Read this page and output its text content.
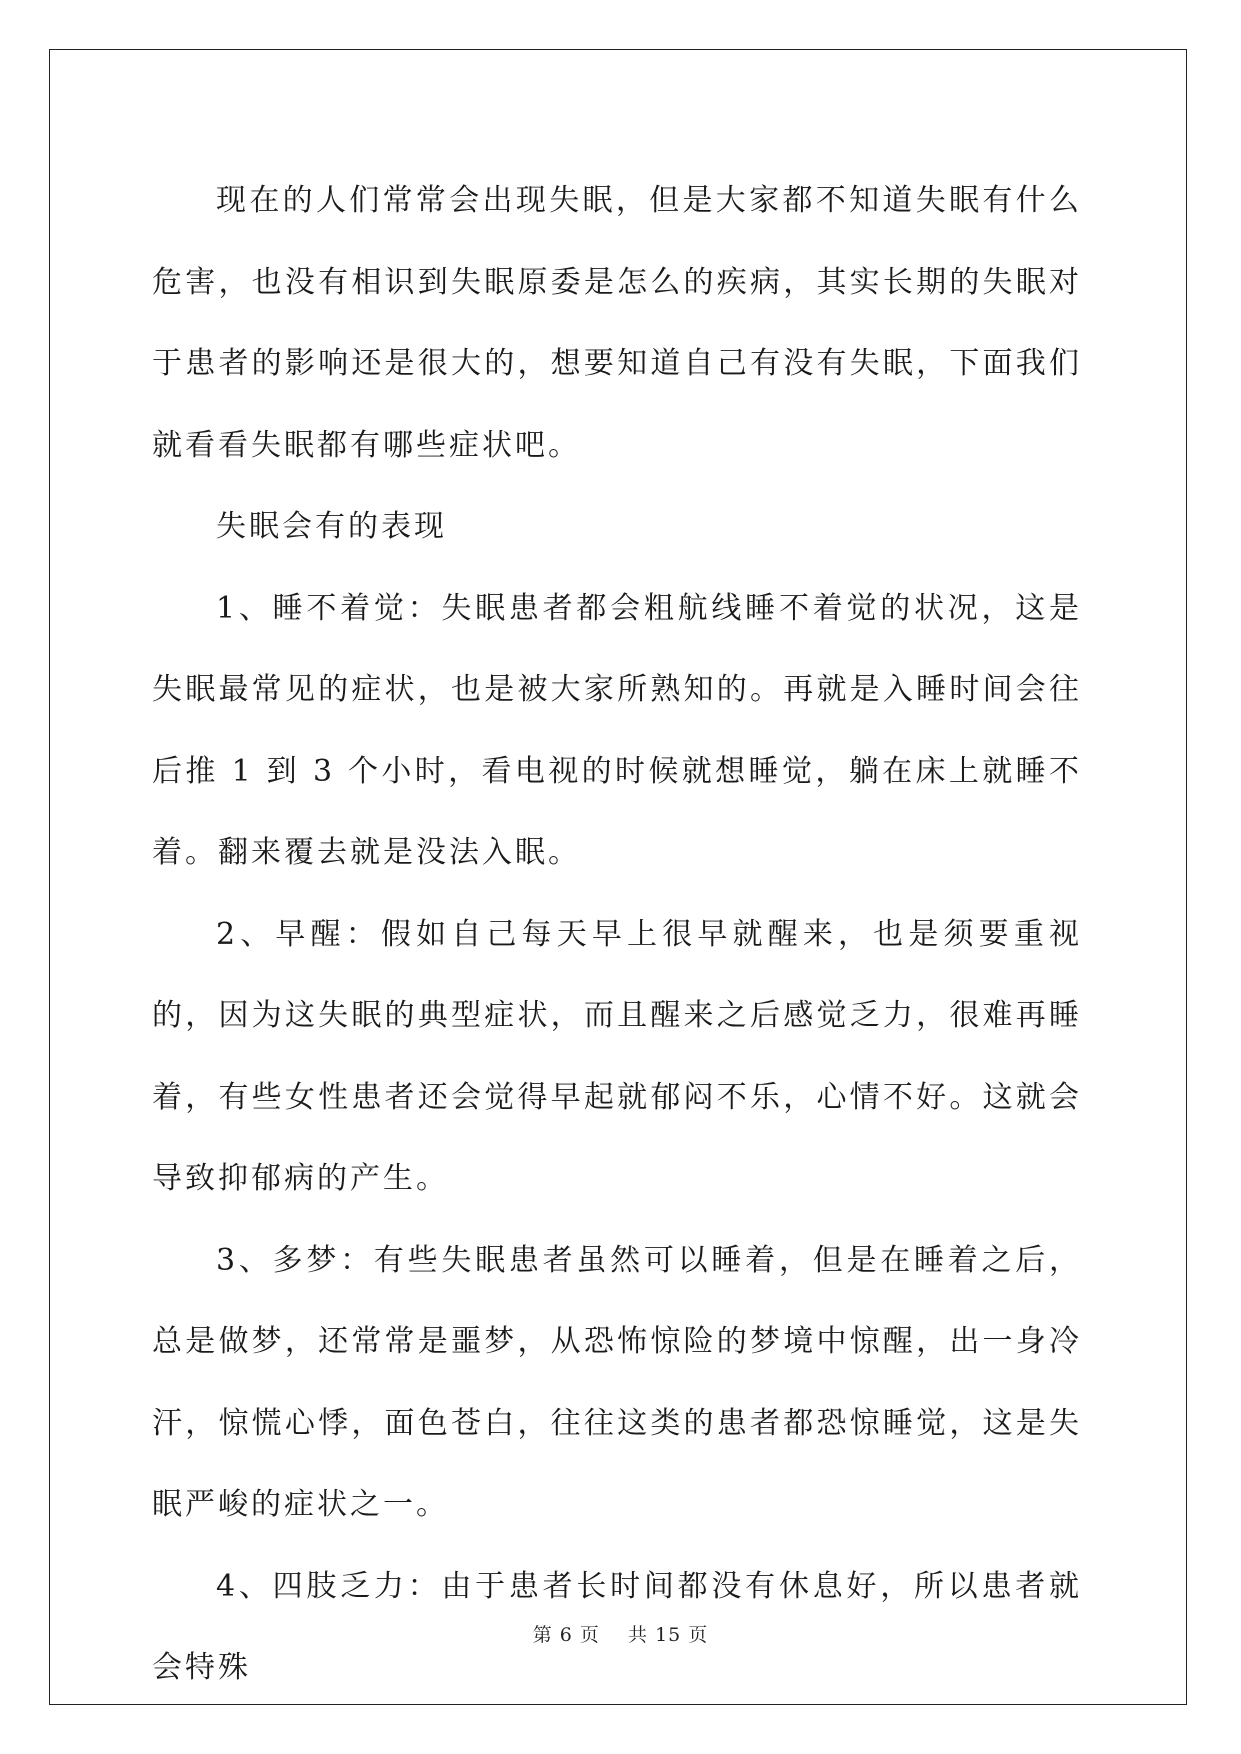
现在的人们常常会出现失眠，但是大家都不知道失眠有什么危害，也没有相识到失眠原委是怎么的疾病，其实长期的失眠对于患者的影响还是很大的，想要知道自己有没有失眠，下面我们就看看失眠都有哪些症状吧。

失眠会有的表现

1、睡不着觉：失眠患者都会粗航线睡不着觉的状况，这是失眠最常见的症状，也是被大家所熟知的。再就是入睡时间会往后推 1 到 3 个小时，看电视的时候就想睡觉，躺在床上就睡不着。翻来覆去就是没法入眠。

2、早醒：假如自己每天早上很早就醒来，也是须要重视的，因为这失眠的典型症状，而且醒来之后感觉乏力，很难再睡着，有些女性患者还会觉得早起就郁闷不乐，心情不好。这就会导致抑郁病的产生。

3、多梦：有些失眠患者虽然可以睡着，但是在睡着之后，总是做梦，还常常是噩梦，从恐怖惊险的梦境中惊醒，出一身冷汗，惊慌心悸，面色苍白，往往这类的患者都恐惊睡觉，这是失眠严峻的症状之一。

4、四肢乏力：由于患者长时间都没有休息好，所以患者就会特殊

第 6 页 共 15 页
